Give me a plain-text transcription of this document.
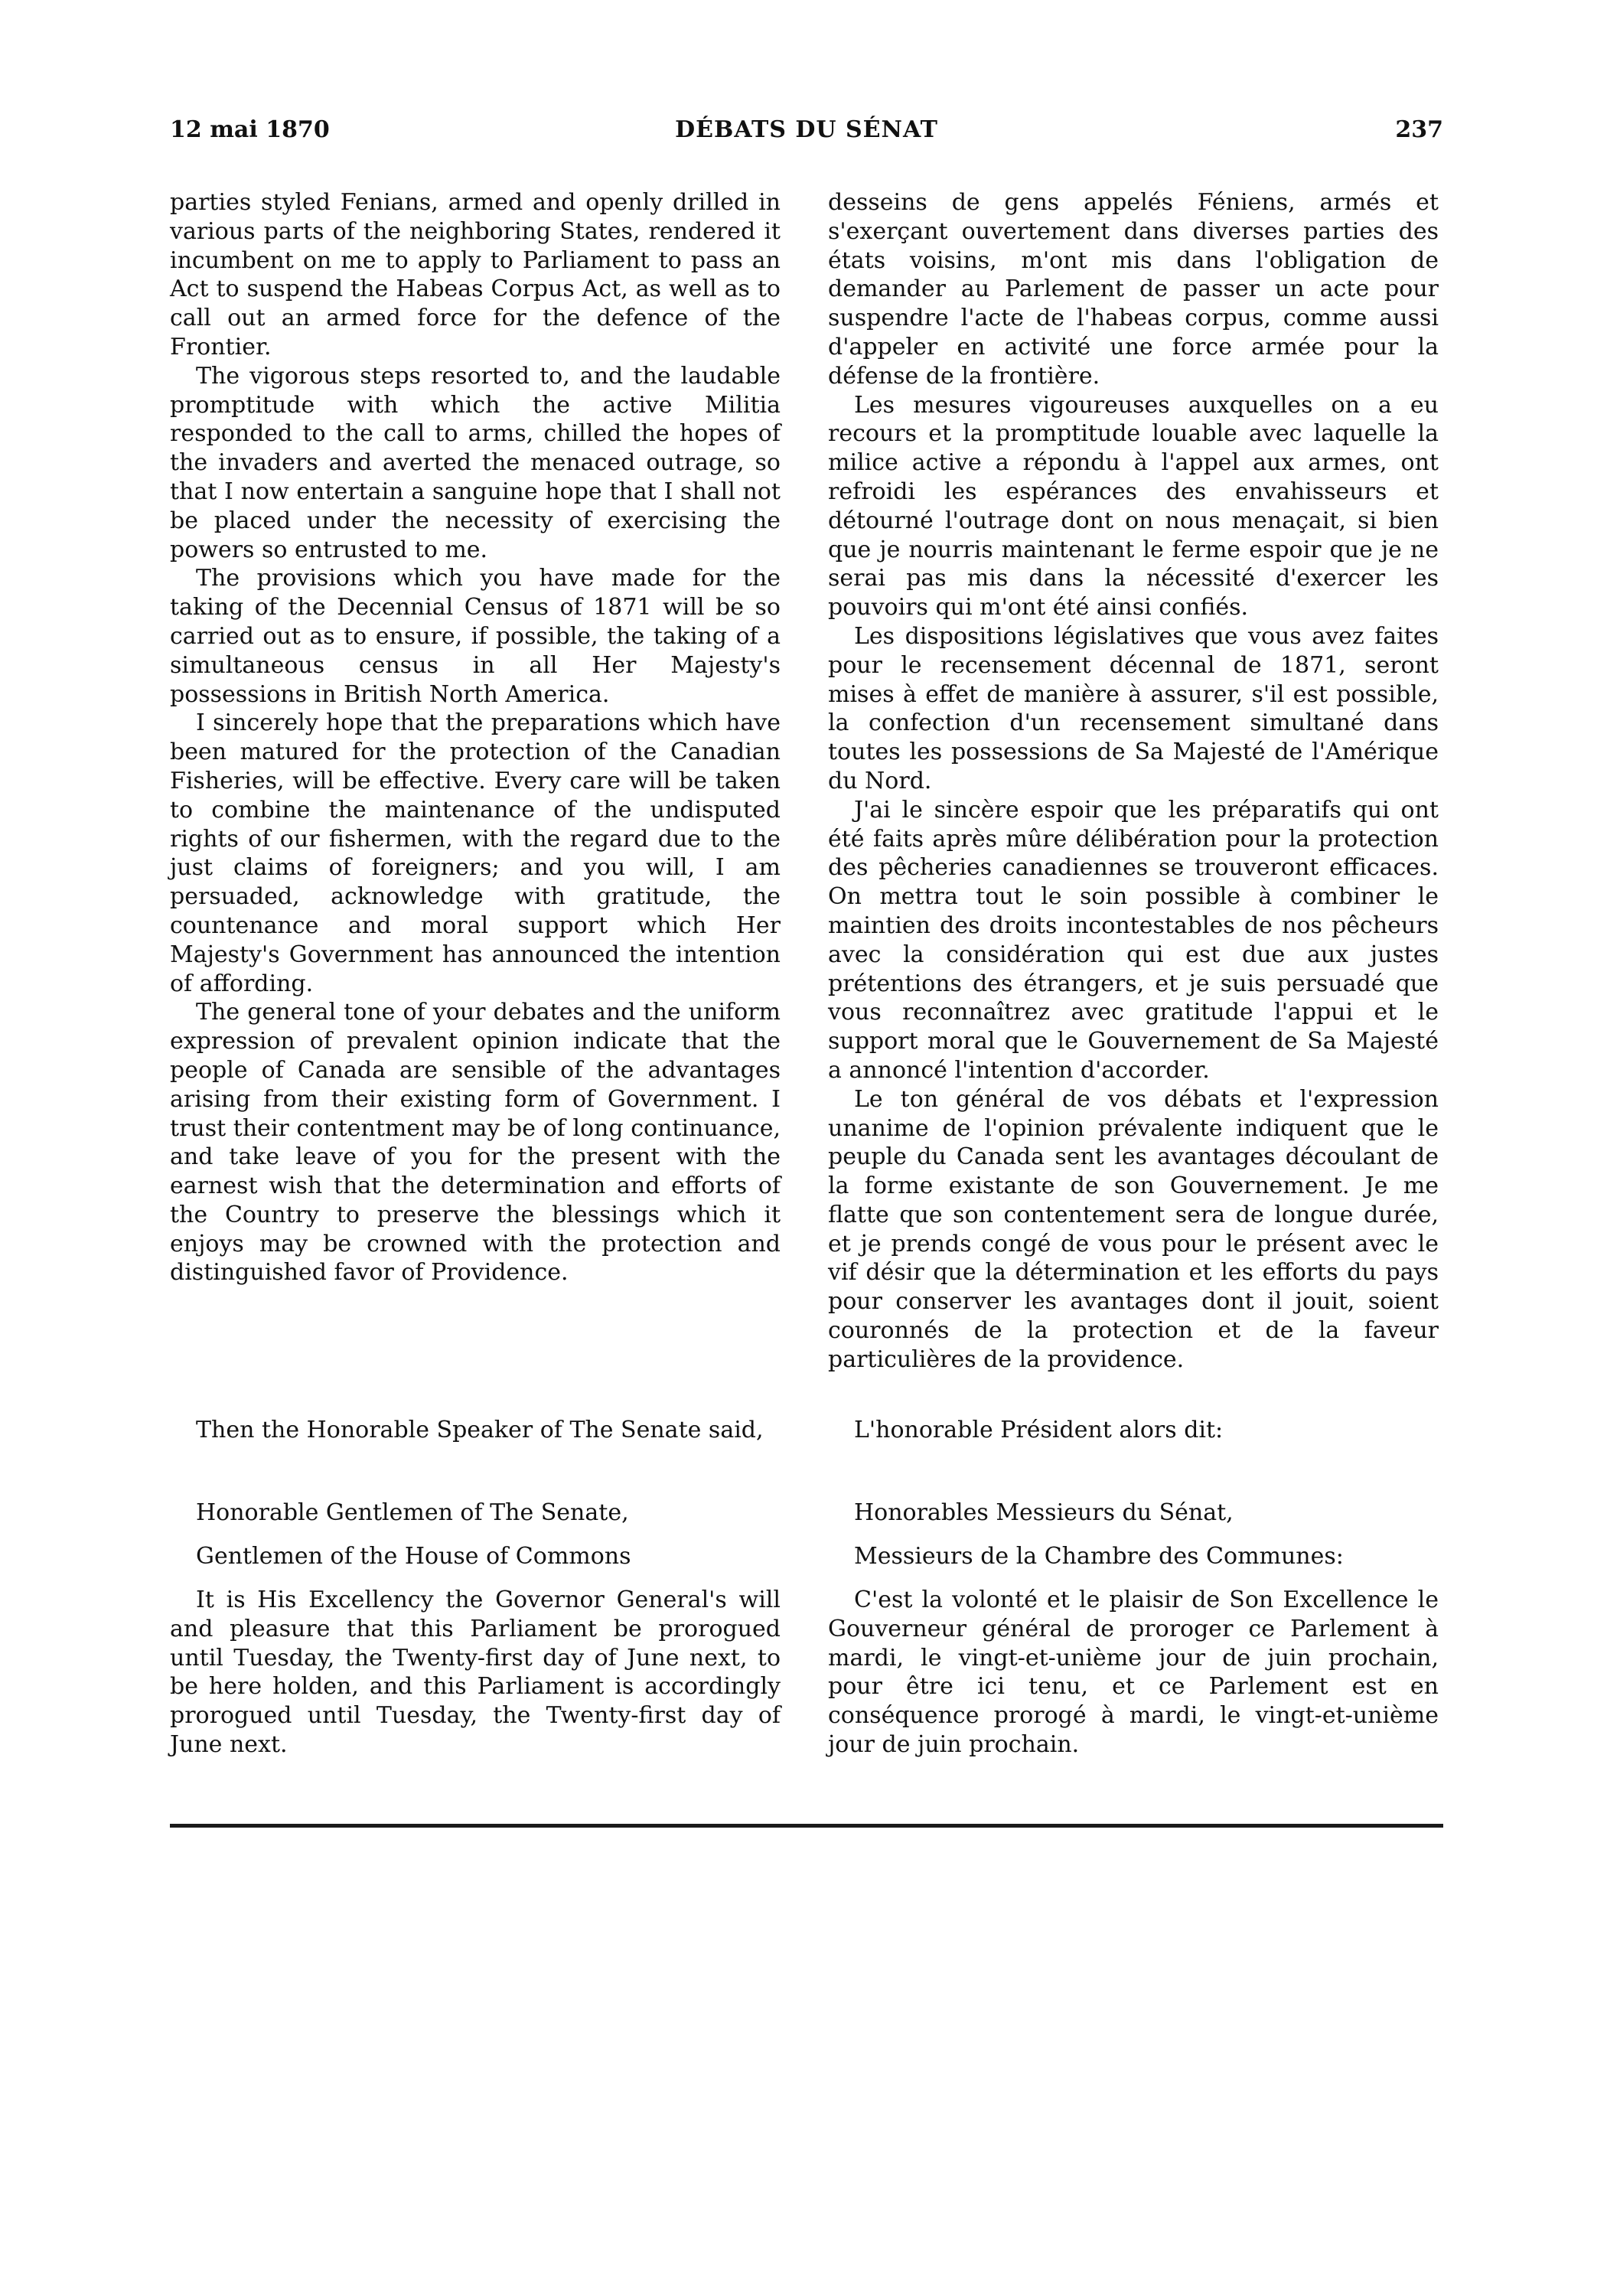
12 mai 1870	DÉBATS DU SÉNAT	237

parties styled Fenians, armed and openly drilled in various parts of the neighboring States, rendered it incumbent on me to apply to Parliament to pass an Act to suspend the Habeas Corpus Act, as well as to call out an armed force for the defence of the Frontier.

The vigorous steps resorted to, and the laudable promptitude with which the active Militia responded to the call to arms, chilled the hopes of the invaders and averted the menaced outrage, so that I now entertain a sanguine hope that I shall not be placed under the necessity of exercising the powers so entrusted to me.

The provisions which you have made for the taking of the Decennial Census of 1871 will be so carried out as to ensure, if possible, the taking of a simultaneous census in all Her Majesty's possessions in British North America.

I sincerely hope that the preparations which have been matured for the protection of the Canadian Fisheries, will be effective. Every care will be taken to combine the maintenance of the undisputed rights of our fishermen, with the regard due to the just claims of foreigners; and you will, I am persuaded, acknowledge with gratitude, the countenance and moral support which Her Majesty's Government has announced the intention of affording.

The general tone of your debates and the uniform expression of prevalent opinion indicate that the people of Canada are sensible of the advantages arising from their existing form of Government. I trust their contentment may be of long continuance, and take leave of you for the present with the earnest wish that the determination and efforts of the Country to preserve the blessings which it enjoys may be crowned with the protection and distinguished favor of Providence.

desseins de gens appelés Féniens, armés et s'exerçant ouvertement dans diverses parties des états voisins, m'ont mis dans l'obligation de demander au Parlement de passer un acte pour suspendre l'acte de l'habeas corpus, comme aussi d'appeler en activité une force armée pour la défense de la frontière.

Les mesures vigoureuses auxquelles on a eu recours et la promptitude louable avec laquelle la milice active a répondu à l'appel aux armes, ont refroidi les espérances des envahisseurs et détourné l'outrage dont on nous menaçait, si bien que je nourris maintenant le ferme espoir que je ne serai pas mis dans la nécessité d'exercer les pouvoirs qui m'ont été ainsi confiés.

Les dispositions législatives que vous avez faites pour le recensement décennal de 1871, seront mises à effet de manière à assurer, s'il est possible, la confection d'un recensement simultané dans toutes les possessions de Sa Majesté de l'Amérique du Nord.

J'ai le sincère espoir que les préparatifs qui ont été faits après mûre délibération pour la protection des pêcheries canadiennes se trouveront efficaces. On mettra tout le soin possible à combiner le maintien des droits incontestables de nos pêcheurs avec la considération qui est due aux justes prétentions des étrangers, et je suis persuadé que vous reconnaîtrez avec gratitude l'appui et le support moral que le Gouvernement de Sa Majesté a annoncé l'intention d'accorder.

Le ton général de vos débats et l'expression unanime de l'opinion prévalente indiquent que le peuple du Canada sent les avantages découlant de la forme existante de son Gouvernement. Je me flatte que son contentement sera de longue durée, et je prends congé de vous pour le présent avec le vif désir que la détermination et les efforts du pays pour conserver les avantages dont il jouit, soient couronnés de la protection et de la faveur particulières de la providence.

Then the Honorable Speaker of The Senate said,

Honorable Gentlemen of The Senate,

Gentlemen of the House of Commons

It is His Excellency the Governor General's will and pleasure that this Parliament be prorogued until Tuesday, the Twenty-first day of June next, to be here holden, and this Parliament is accordingly prorogued until Tuesday, the Twenty-first day of June next.

L'honorable Président alors dit:

Honorables Messieurs du Sénat,

Messieurs de la Chambre des Communes:

C'est la volonté et le plaisir de Son Excellence le Gouverneur général de proroger ce Parlement à mardi, le vingt-et-unième jour de juin prochain, pour être ici tenu, et ce Parlement est en conséquence prorogé à mardi, le vingt-et-unième jour de juin prochain.
